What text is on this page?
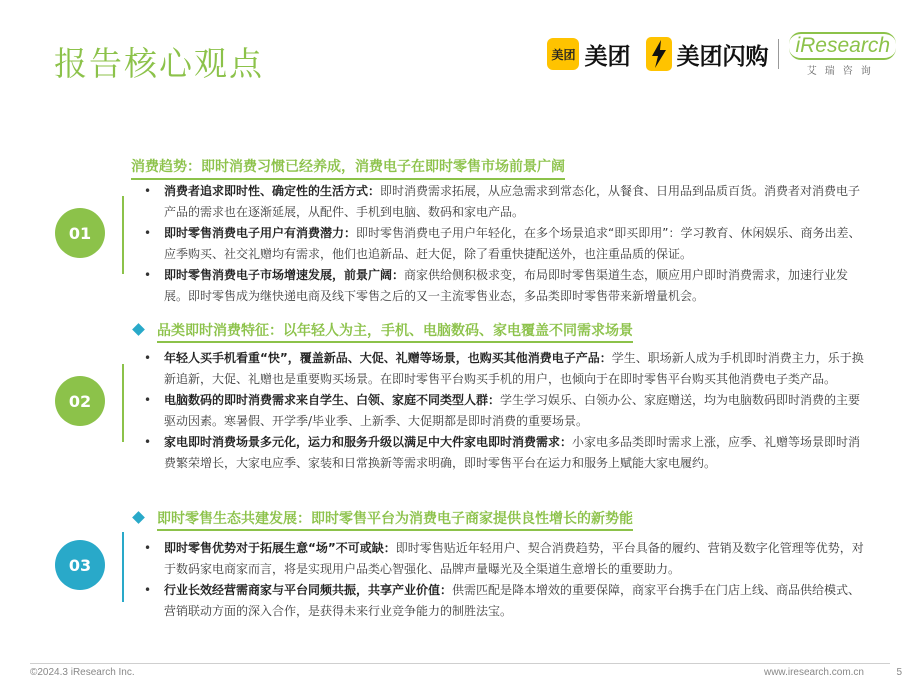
报告核心观点	美团 美团 美团闪购 iResearch
艾瑞咨询
消费趋势：即时消费习惯已经养成，消费电子在即时零售市场前景广阔
01
• 消费者追求即时性、确定性的生活方式：即时消费需求拓展，从应急需求到常态化，从餐食、日用品到品质百货。消费者对消费电子产品的需求也在逐渐延展，从配件、手机到电脑、数码和家电产品。
• 即时零售消费电子用户有消费潜力：即时零售消费电子用户年轻化，在多个场景追求“即买即用”：学习教育、休闲娱乐、商务出差、应季购买、社交礼赠均有需求，他们也追新品、赶大促，除了看重快捷配送外，也注重品质的保证。
• 即时零售消费电子市场增速发展，前景广阔：商家供给侧积极求变，布局即时零售渠道生态，顺应用户即时消费需求，加速行业发展。即时零售成为继快递电商及线下零售之后的又一主流零售业态，多品类即时零售带来新增量机会。
品类即时消费特征：以年轻人为主，手机、电脑数码、家电覆盖不同需求场景
02
• 年轻人买手机看重“快”，覆盖新品、大促、礼赠等场景，也购买其他消费电子产品：学生、职场新人成为手机即时消费主力，乐于换新追新，大促、礼赠也是重要购买场景。在即时零售平台购买手机的用户，也倾向于在即时零售平台购买其他消费电子类产品。
• 电脑数码的即时消费需求来自学生、白领、家庭不同类型人群：学生学习娱乐、白领办公、家庭赠送，均为电脑数码即时消费的主要驱动因素。寒暑假、开学季/毕业季、上新季、大促期都是即时消费的重要场景。
• 家电即时消费场景多元化，运力和服务升级以满足中大件家电即时消费需求：小家电多品类即时需求上涨，应季、礼赠等场景即时消费繁荣增长，大家电应季、家装和日常换新等需求明确，即时零售平台在运力和服务上赋能大家电履约。
即时零售生态共建发展：即时零售平台为消费电子商家提供良性增长的新势能
03
• 即时零售优势对于拓展生意“场”不可或缺：即时零售贴近年轻用户、契合消费趋势，平台具备的履约、营销及数字化管理等优势，对于数码家电商家而言，将是实现用户品类心智强化、品牌声量曝光及全渠道生意增长的重要助力。
• 行业长效经营需商家与平台同频共振，共享产业价值：供需匹配是降本增效的重要保障，商家平台携手在门店上线、商品供给模式、营销联动方面的深入合作，是获得未来行业竞争能力的制胜法宝。
©2024.3 iResearch Inc.	www.iresearch.com.cn	5
